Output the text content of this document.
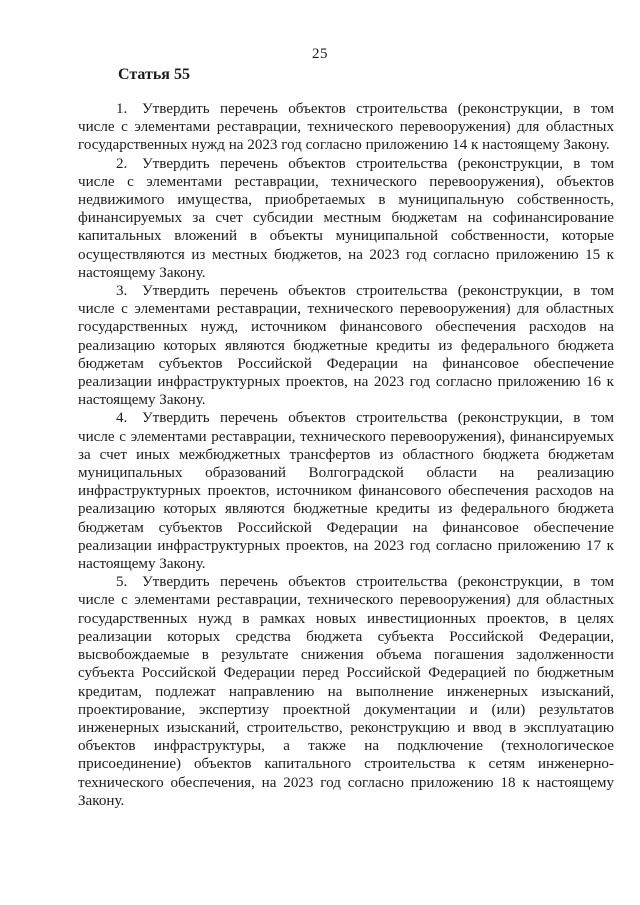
25
Статья 55

1. Утвердить перечень объектов строительства (реконструкции, в том числе с элементами реставрации, технического перевооружения) для областных государственных нужд на 2023 год согласно приложению 14 к настоящему Закону.

2. Утвердить перечень объектов строительства (реконструкции, в том числе с элементами реставрации, технического перевооружения), объектов недвижимого имущества, приобретаемых в муниципальную собственность, финансируемых за счет субсидии местным бюджетам на софинансирование капитальных вложений в объекты муниципальной собственности, которые осуществляются из местных бюджетов, на 2023 год согласно приложению 15 к настоящему Закону.

3. Утвердить перечень объектов строительства (реконструкции, в том числе с элементами реставрации, технического перевооружения) для областных государственных нужд, источником финансового обеспечения расходов на реализацию которых являются бюджетные кредиты из федерального бюджета бюджетам субъектов Российской Федерации на финансовое обеспечение реализации инфраструктурных проектов, на 2023 год согласно приложению 16 к настоящему Закону.

4. Утвердить перечень объектов строительства (реконструкции, в том числе с элементами реставрации, технического перевооружения), финансируемых за счет иных межбюджетных трансфертов из областного бюджета бюджетам муниципальных образований Волгоградской области на реализацию инфраструктурных проектов, источником финансового обеспечения расходов на реализацию которых являются бюджетные кредиты из федерального бюджета бюджетам субъектов Российской Федерации на финансовое обеспечение реализации инфраструктурных проектов, на 2023 год согласно приложению 17 к настоящему Закону.

5. Утвердить перечень объектов строительства (реконструкции, в том числе с элементами реставрации, технического перевооружения) для областных государственных нужд в рамках новых инвестиционных проектов, в целях реализации которых средства бюджета субъекта Российской Федерации, высвобождаемые в результате снижения объема погашения задолженности субъекта Российской Федерации перед Российской Федерацией по бюджетным кредитам, подлежат направлению на выполнение инженерных изысканий, проектирование, экспертизу проектной документации и (или) результатов инженерных изысканий, строительство, реконструкцию и ввод в эксплуатацию объектов инфраструктуры, а также на подключение (технологическое присоединение) объектов капитального строительства к сетям инженерно-технического обеспечения, на 2023 год согласно приложению 18 к настоящему Закону.
